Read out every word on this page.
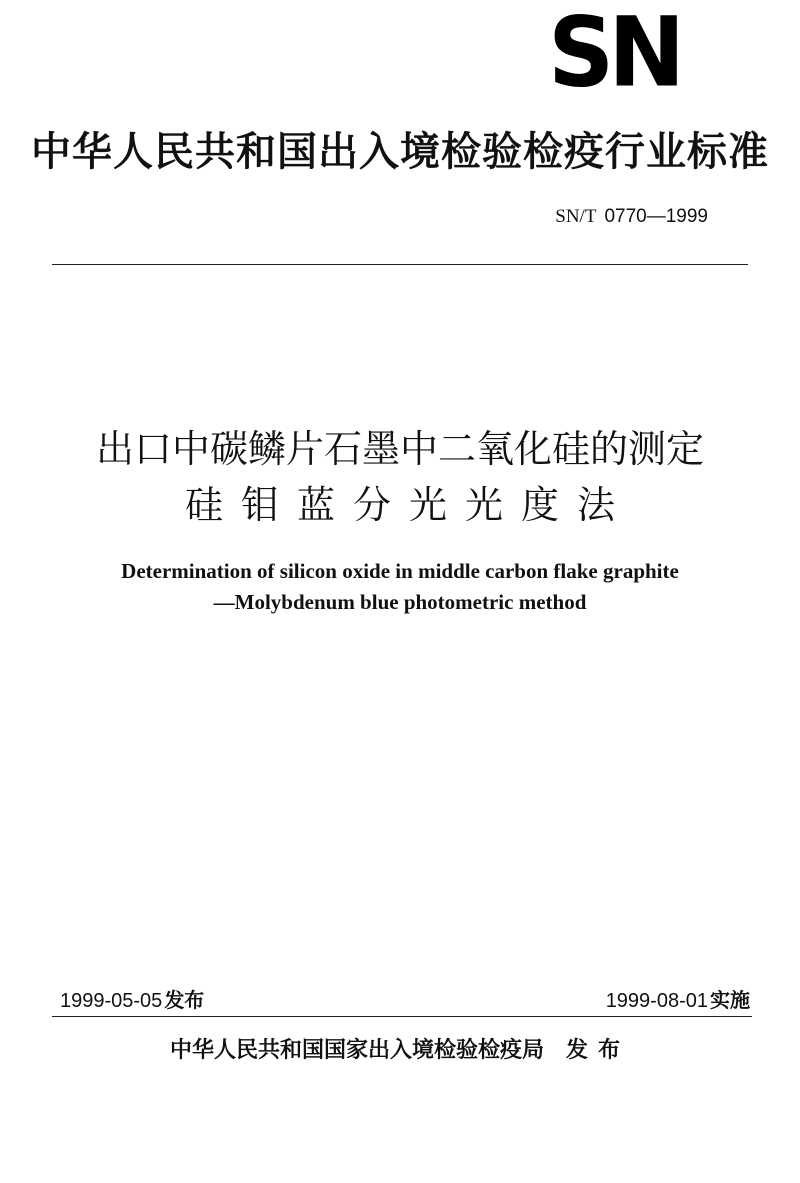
SN
中华人民共和国出入境检验检疫行业标准
SN/T 0770—1999
出口中碳鳞片石墨中二氧化硅的测定
硅钼蓝分光光度法
Determination of silicon oxide in middle carbon flake graphite
—Molybdenum blue photometric method
1999-05-05 发布	1999-08-01 实施
中华人民共和国国家出入境检验检疫局 发布
